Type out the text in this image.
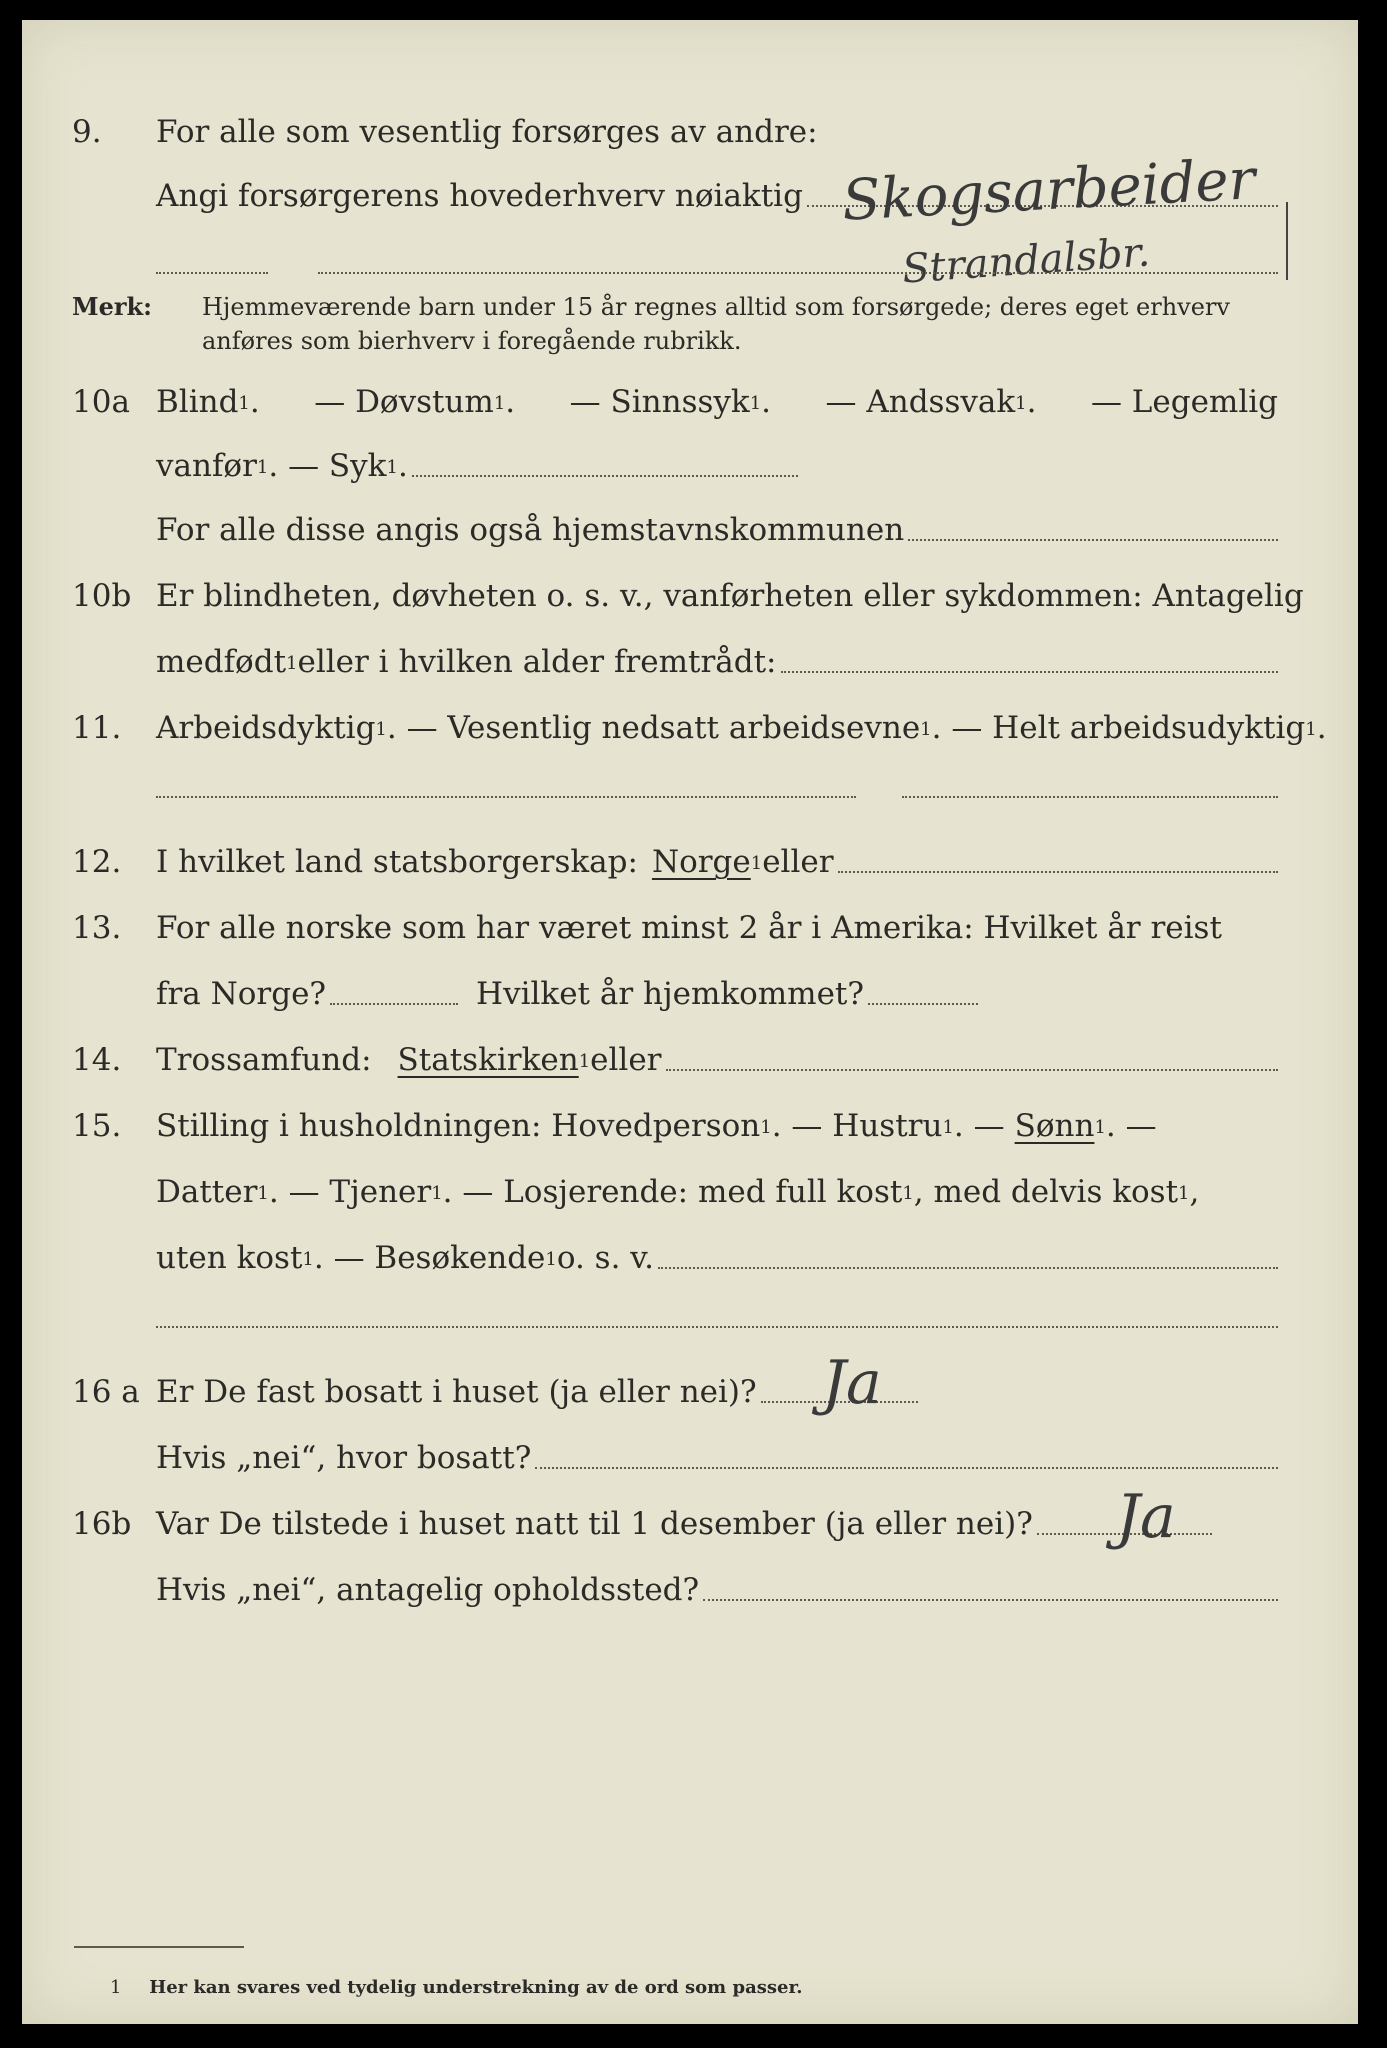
9. For alle som vesentlig forsørges av andre:
Angi forsørgerens hovederhverv nøiaktig Skogsarbeider
Strandalsbr.
Merk: Hjemmeværende barn under 15 år regnes alltid som forsørgede; deres eget erhverv
anføres som bierhverv i foregående rubrikk.
10a Blind1. — Døvstum1. — Sinnssyk1. — Andssvak1. — Legemlig
vanfør1 . — Syk1.
For alle disse angis også hjemstavnskommunen
10b Er blindheten, døvheten o. s. v., vanførheten eller sykdommen: Antagelig
medfødt1 eller i hvilken alder fremtrådt:
11. Arbeidsdyktig1 . — Vesentlig nedsatt arbeidsevne1 . — Helt arbeidsudyktig1.
12. I hvilket land statsborgerskap: Norge1 eller
13. For alle norske som har været minst 2 år i Amerika: Hvilket år reist
fra Norge?	Hvilket år hjemkommet?
14. Trossamfund: Statskirken1 eller
15. Stilling i husholdningen: Hovedperson1 . — Hustru1. — Sønn1. —
Datter1 . — Tjener1 . — Losjerende: med full kost1 , med delvis kost1,
uten kost1 . — Besøkende1 o. s. v.
16 a Er De fast bosatt i huset (ja eller nei)? Ja
Hvis „nei“, hvor bosatt?
16b Var De tilstede i huset natt til 1 desember (ja eller nei)? Ja
Hvis „nei“, antagelig opholdssted?
1 Her kan svares ved tydelig understrekning av de ord som passer.
